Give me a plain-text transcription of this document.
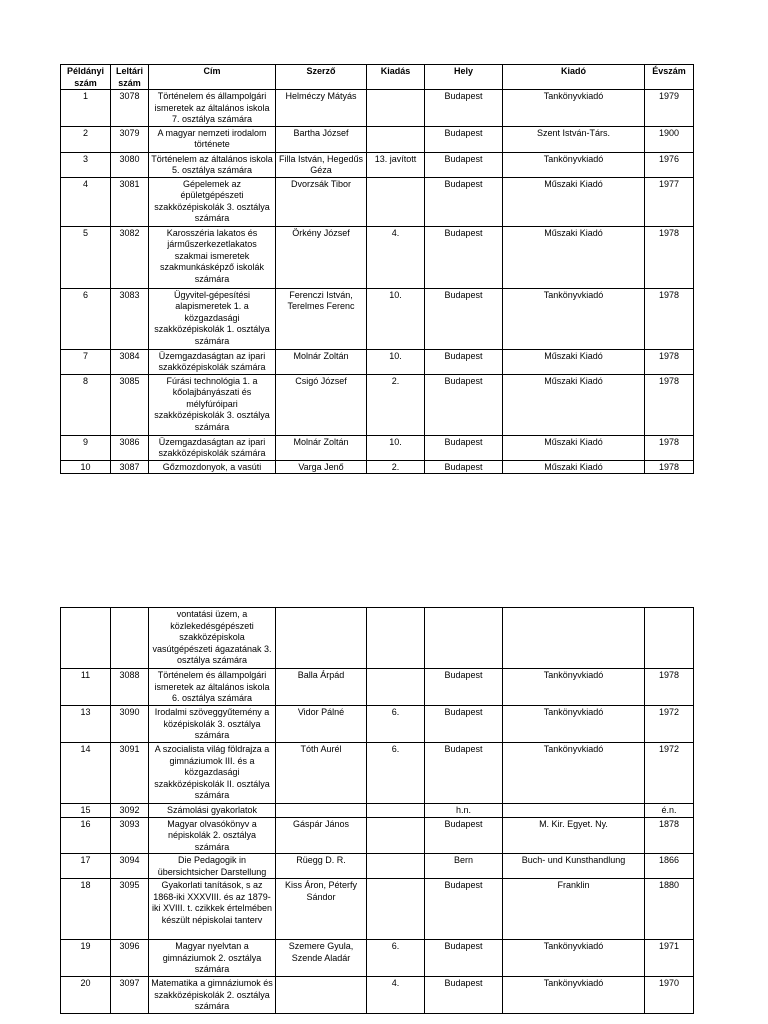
Példányi szám	Leltári szám	Cím	Szerző	Kiadás	Hely	Kiadó	Évszám
1	3078	Történelem és állampolgári ismeretek az általános iskola 7. osztálya számára	Helméczy Mátyás		Budapest	Tankönyvkiadó	1979
2	3079	A magyar nemzeti irodalom története	Bartha József		Budapest	Szent István-Társ.	1900
3	3080	Történelem az általános iskola 5. osztálya számára	Filla István, Hegedűs Géza	13. javított	Budapest	Tankönyvkiadó	1976
4	3081	Gépelemek az épületgépészeti szakközépiskolák 3. osztálya számára	Dvorzsák Tibor		Budapest	Műszaki Kiadó	1977
5	3082	Karosszéria lakatos és járműszerkezetlakatos szakmai ismeretek szakmunkásképző iskolák számára	Örkény József	4.	Budapest	Műszaki Kiadó	1978
6	3083	Ügyvitel-gépesítési alapismeretek 1. a közgazdasági szakközépiskolák 1. osztálya számára	Ferenczi István, Terelmes Ferenc	10.	Budapest	Tankönyvkiadó	1978
7	3084	Üzemgazdaságtan az ipari szakközépiskolák számára	Molnár Zoltán	10.	Budapest	Műszaki Kiadó	1978
8	3085	Fúrási technológia 1. a kőolajbányászati és mélyfúróipari szakközépiskolák 3. osztálya számára	Csigó József	2.	Budapest	Műszaki Kiadó	1978
9	3086	Üzemgazdaságtan az ipari szakközépiskolák számára	Molnár Zoltán	10.	Budapest	Műszaki Kiadó	1978
10	3087	Gőzmozdonyok, a vasúti	Varga Jenő	2.	Budapest	Műszaki Kiadó	1978
		vontatási üzem, a közlekedésgépészeti szakközépiskola vasútgépészeti ágazatának 3. osztálya számára					
11	3088	Történelem és állampolgári ismeretek az általános iskola 6. osztálya számára	Balla Árpád		Budapest	Tankönyvkiadó	1978
13	3090	Irodalmi szöveggyűtemény a középiskolák 3. osztálya számára	Vidor Pálné	6.	Budapest	Tankönyvkiadó	1972
14	3091	A szocialista világ földrajza a gimnáziumok III. és a közgazdasági szakközépiskolák II. osztálya számára	Tóth Aurél	6.	Budapest	Tankönyvkiadó	1972
15	3092	Számolási gyakorlatok			h.n.		é.n.
16	3093	Magyar olvasókönyv a népiskolák 2. osztálya számára	Gáspár János		Budapest	M. Kir. Egyet. Ny.	1878
17	3094	Die Pedagogik in übersichtsicher Darstellung	Rüegg D. R.		Bern	Buch- und Kunsthandlung	1866
18	3095	Gyakorlati tanítások, s az 1868-iki XXXVIII. és az 1879-iki XVIII. t. czikkek értelmében készült népiskolai tanterv	Kiss Áron, Péterfy Sándor		Budapest	Franklin	1880
19	3096	Magyar nyelvtan a gimnáziumok 2. osztálya számára	Szemere Gyula, Szende Aladár	6.	Budapest	Tankönyvkiadó	1971
20	3097	Matematika a gimnáziumok és szakközépiskolák 2. osztálya számára		4.	Budapest	Tankönyvkiadó	1970
